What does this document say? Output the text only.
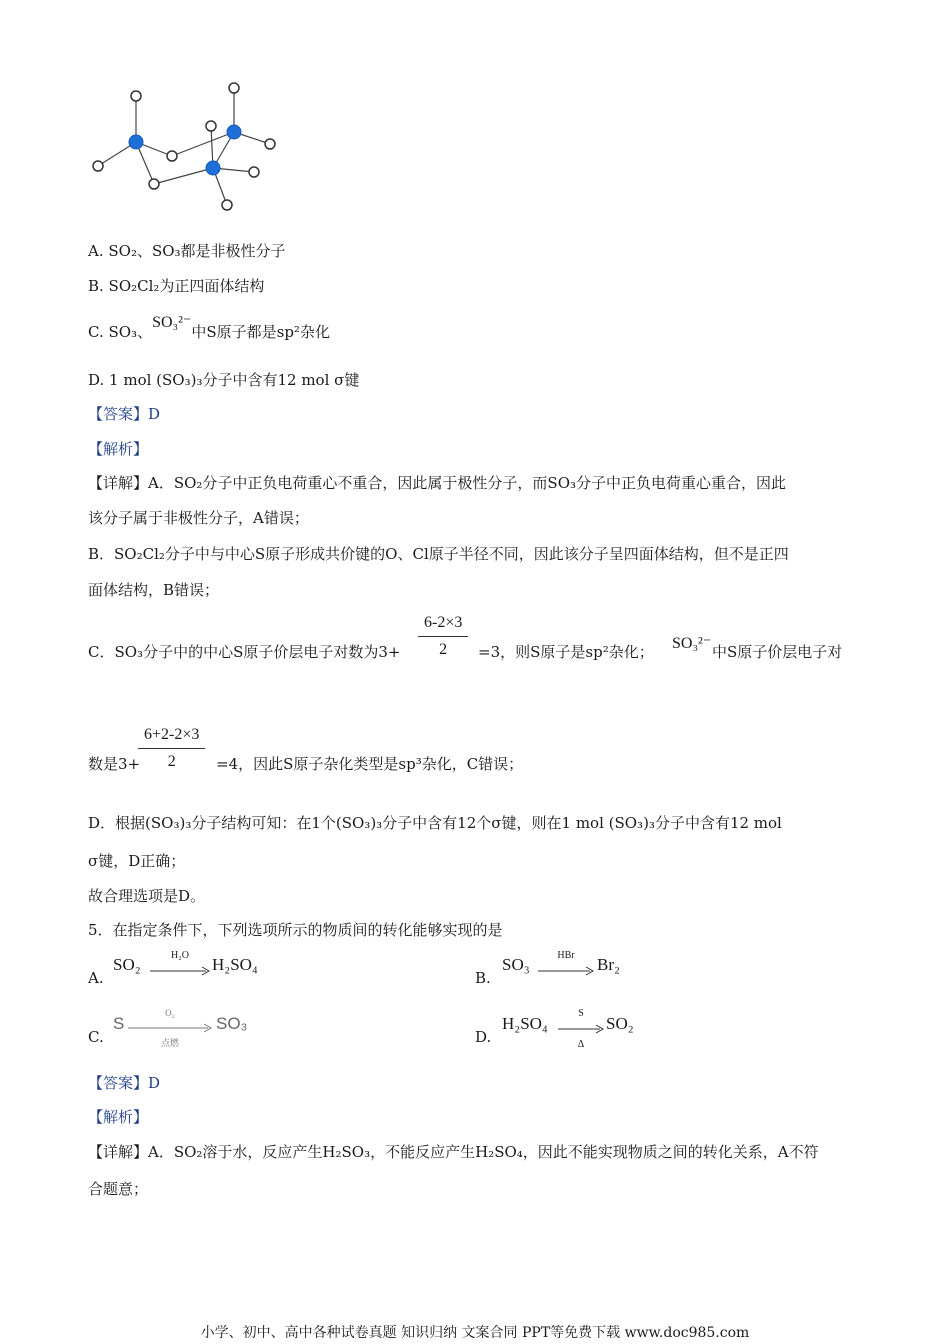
A. SO₂、SO₃都是非极性分子
B. SO₂Cl₂为正四面体结构
C. SO₃、SO₃²⁻中S原子都是sp²杂化
D. 1 mol (SO₃)₃分子中含有12 mol σ键
【答案】D
【解析】
【详解】A．SO₂分子中正负电荷重心不重合，因此属于极性分子，而SO₃分子中正负电荷重心重合，因此
该分子属于非极性分子，A错误；
B．SO₂Cl₂分子中与中心S原子形成共价键的O、Cl原子半径不同，因此该分子呈四面体结构，但不是正四
面体结构，B错误；
C．SO₃分子中的中心S原子价层电子对数为$3+ \frac{6-2\times 3}{2} =3$，则S原子是sp²杂化； SO₃²⁻ 中S原子价层电子对
数是3+
$\frac{6+2-2\times 3}{2} =4$，因此S原子杂化类型是sp³杂化，C错误；
D．根据(SO₃)₃分子结构可知：在1个(SO₃)₃分子中含有12个σ键，则在1 mol (SO₃)₃分子中含有12 mol
σ键，D正确；
故合理选项是D。
5．在指定条件下，下列选项所示的物质间的转化能够实现的是
A.
SO₂	H₂O	H₂SO₄
B.
SO₃	HBr	Br₂
C.
S
O₂
点燃
SO₃
D.
H₂SO₄
S
Δ
SO₂
【答案】D
【解析】
【详解】A．SO₂溶于水，反应产生H₂SO₃，不能反应产生H₂SO₄，因此不能实现物质之间的转化关系，A不符
合题意；
小学、初中、高中各种试卷真题 知识归纳 文案合同 PPT等免费下载 www.doc985.com
